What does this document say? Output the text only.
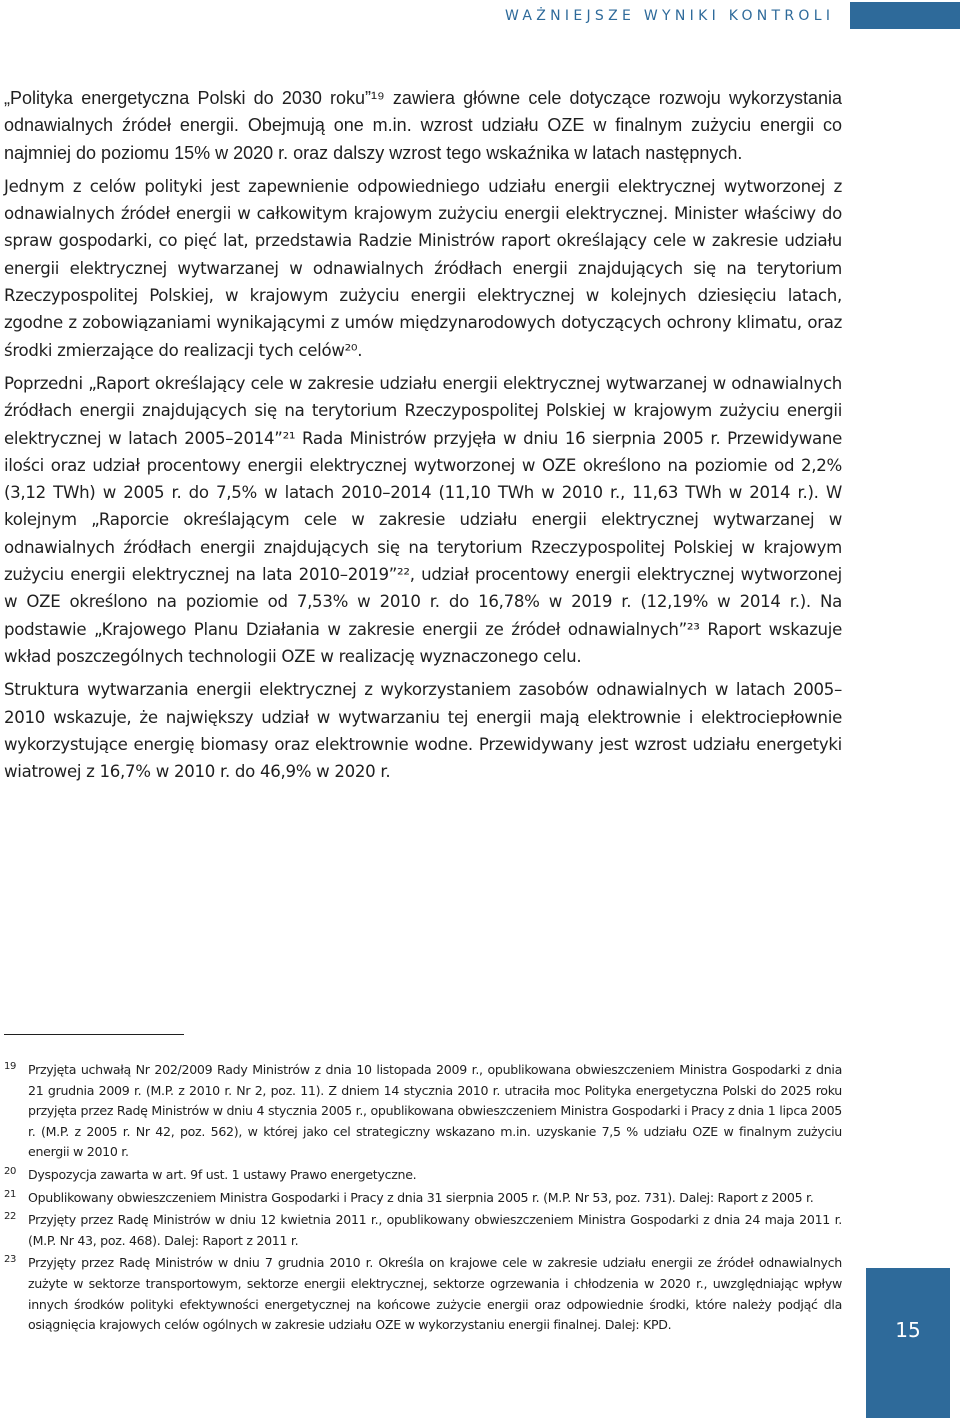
WAŻNIEJSZE WYNIKI KONTROLI

„Polityka energetyczna Polski do 2030 roku”¹⁹ zawiera główne cele dotyczące rozwoju wykorzystania odnawialnych źródeł energii. Obejmują one m.in. wzrost udziału OZE w finalnym zużyciu energii co najmniej do poziomu 15% w 2020 r. oraz dalszy wzrost tego wskaźnika w latach następnych.

Jednym z celów polityki jest zapewnienie odpowiedniego udziału energii elektrycznej wytworzonej z odnawialnych źródeł energii w całkowitym krajowym zużyciu energii elektrycznej. Minister właściwy do spraw gospodarki, co pięć lat, przedstawia Radzie Ministrów raport określający cele w zakresie udziału energii elektrycznej wytwarzanej w odnawialnych źródłach energii znajdujących się na terytorium Rzeczypospolitej Polskiej, w krajowym zużyciu energii elektrycznej w kolejnych dziesięciu latach, zgodne z zobowiązaniami wynikającymi z umów międzynarodowych dotyczących ochrony klimatu, oraz środki zmierzające do realizacji tych celów²⁰.

Poprzedni „Raport określający cele w zakresie udziału energii elektrycznej wytwarzanej w odnawialnych źródłach energii znajdujących się na terytorium Rzeczypospolitej Polskiej w krajowym zużyciu energii elektrycznej w latach 2005–2014”²¹ Rada Ministrów przyjęła w dniu 16 sierpnia 2005 r. Przewidywane ilości oraz udział procentowy energii elektrycznej wytworzonej w OZE określono na poziomie od 2,2% (3,12 TWh) w 2005 r. do 7,5% w latach 2010–2014 (11,10 TWh w 2010 r., 11,63 TWh w 2014 r.). W kolejnym „Raporcie określającym cele w zakresie udziału energii elektrycznej wytwarzanej w odnawialnych źródłach energii znajdujących się na terytorium Rzeczypospolitej Polskiej w krajowym zużyciu energii elektrycznej na lata 2010–2019”²², udział procentowy energii elektrycznej wytworzonej w OZE określono na poziomie od 7,53% w 2010 r. do 16,78% w 2019 r. (12,19% w 2014 r.). Na podstawie „Krajowego Planu Działania w zakresie energii ze źródeł odnawialnych”²³ Raport wskazuje wkład poszczególnych technologii OZE w realizację wyznaczonego celu.

Struktura wytwarzania energii elektrycznej z wykorzystaniem zasobów odnawialnych w latach 2005–2010 wskazuje, że największy udział w wytwarzaniu tej energii mają elektrownie i elektrociepłownie wykorzystujące energię biomasy oraz elektrownie wodne. Przewidywany jest wzrost udziału energetyki wiatrowej z 16,7% w 2010 r. do 46,9% w 2020 r.

19 Przyjęta uchwałą Nr 202/2009 Rady Ministrów z dnia 10 listopada 2009 r., opublikowana obwieszczeniem Ministra Gospodarki z dnia 21 grudnia 2009 r. (M.P. z 2010 r. Nr 2, poz. 11). Z dniem 14 stycznia 2010 r. utraciła moc Polityka energetyczna Polski do 2025 roku przyjęta przez Radę Ministrów w dniu 4 stycznia 2005 r., opublikowana obwieszczeniem Ministra Gospodarki i Pracy z dnia 1 lipca 2005 r. (M.P. z 2005 r. Nr 42, poz. 562), w której jako cel strategiczny wskazano m.in. uzyskanie 7,5 % udziału OZE w finalnym zużyciu energii w 2010 r.
20 Dyspozycja zawarta w art. 9f ust. 1 ustawy Prawo energetyczne.
21 Opublikowany obwieszczeniem Ministra Gospodarki i Pracy z dnia 31 sierpnia 2005 r. (M.P. Nr 53, poz. 731). Dalej: Raport z 2005 r.
22 Przyjęty przez Radę Ministrów w dniu 12 kwietnia 2011 r., opublikowany obwieszczeniem Ministra Gospodarki z dnia 24 maja 2011 r. (M.P. Nr 43, poz. 468). Dalej: Raport z 2011 r.
23 Przyjęty przez Radę Ministrów w dniu 7 grudnia 2010 r. Określa on krajowe cele w zakresie udziału energii ze źródeł odnawialnych zużyte w sektorze transportowym, sektorze energii elektrycznej, sektorze ogrzewania i chłodzenia w 2020 r., uwzględniając wpływ innych środków polityki efektywności energetycznej na końcowe zużycie energii oraz odpowiednie środki, które należy podjąć dla osiągnięcia krajowych celów ogólnych w zakresie udziału OZE w wykorzystaniu energii finalnej. Dalej: KPD.	15
